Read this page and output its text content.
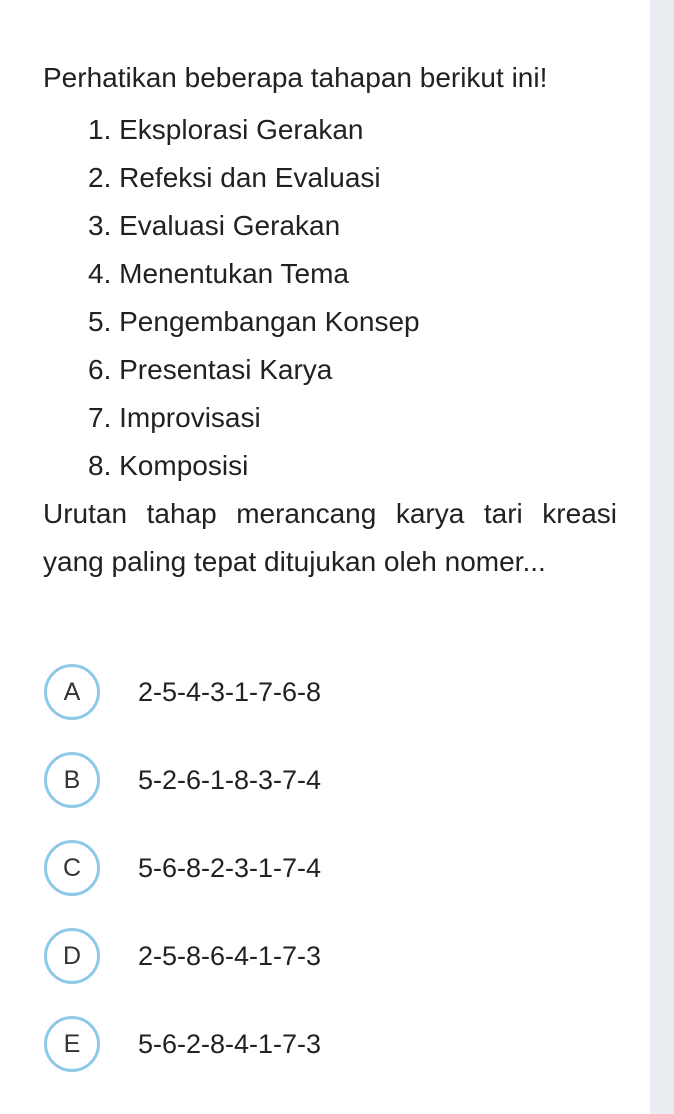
Perhatikan beberapa tahapan berikut ini!

1. Eksplorasi Gerakan
2. Refeksi dan Evaluasi
3. Evaluasi Gerakan
4. Menentukan Tema
5. Pengembangan Konsep
6. Presentasi Karya
7. Improvisasi
8. Komposisi

Urutan tahap merancang karya tari kreasi yang paling tepat ditujukan oleh nomer...

A	2-5-4-3-1-7-6-8
B	5-2-6-1-8-3-7-4
C	5-6-8-2-3-1-7-4
D	2-5-8-6-4-1-7-3
E	5-6-2-8-4-1-7-3
